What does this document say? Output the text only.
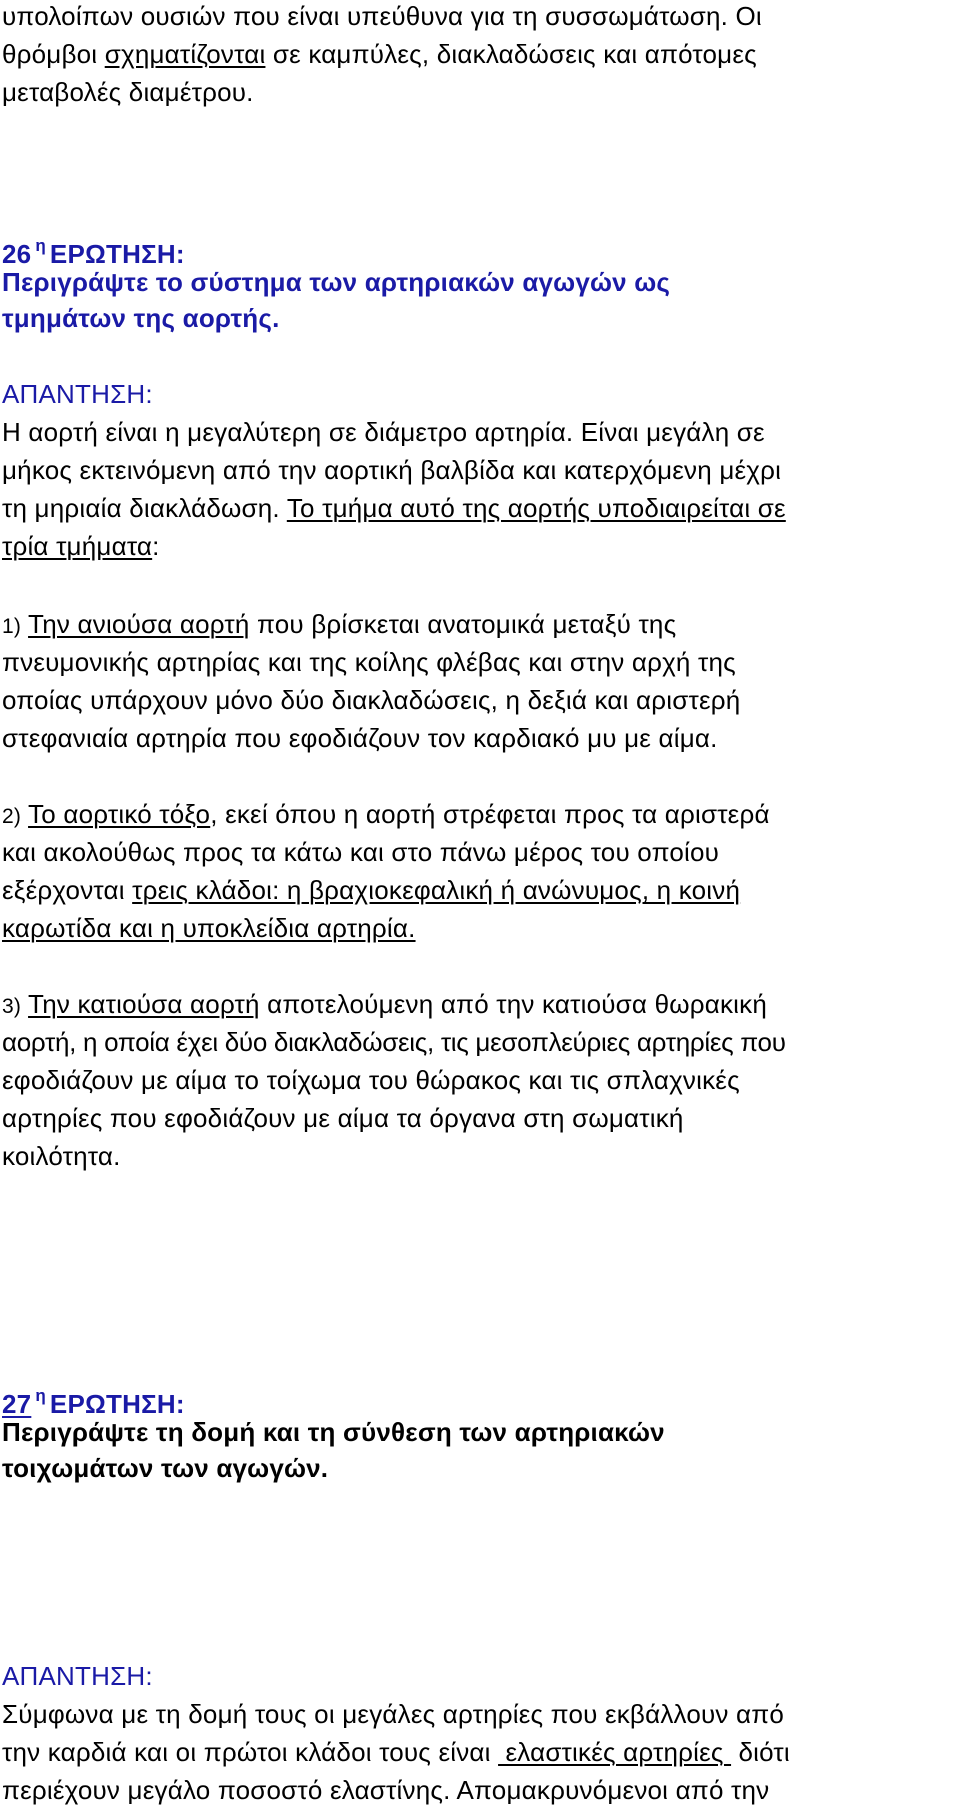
υπολοίπων ουσιών που είναι υπεύθυνα για τη συσσωμάτωση. Οι
θρόμβοι σχηματίζονται σε καμπύλες, διακλαδώσεις και απότομες
μεταβολές διαμέτρου.
26 $^\eta$ ΕΡΩΤΗΣΗ:
Περιγράψτε το σύστημα των αρτηριακών αγωγών ως
τμημάτων της αορτής.
ΑΠΑΝΤΗΣΗ:
Η αορτή είναι η μεγαλύτερη σε διάμετρο αρτηρία. Είναι μεγάλη σε
μήκος εκτεινόμενη από την αορτική βαλβίδα και κατερχόμενη μέχρι
τη μηριαία διακλάδωση. Το τμήμα αυτό της αορτής υποδιαιρείται σε
τρία τμήματα:
1) Την ανιούσα αορτή που βρίσκεται ανατομικά μεταξύ της
πνευμονικής αρτηρίας και της κοίλης φλέβας και στην αρχή της
οποίας υπάρχουν μόνο δύο διακλαδώσεις, η δεξιά και αριστερή
στεφανιαία αρτηρία που εφοδιάζουν τον καρδιακό μυ με αίμα.
2) Το αορτικό τόξο, εκεί όπου η αορτή στρέφεται προς τα αριστερά
και ακολούθως προς τα κάτω και στο πάνω μέρος του οποίου
εξέρχονται τρεις κλάδοι: η βραχιοκεφαλική ή ανώνυμος, η κοινή
καρωτίδα και η υποκλείδια αρτηρία.
3) Την κατιούσα αορτή αποτελούμενη από την κατιούσα θωρακική
αορτή, η οποία έχει δύο διακλαδώσεις, τις μεσοπλεύριες αρτηρίες που
εφοδιάζουν με αίμα το τοίχωμα του θώρακος και τις σπλαχνικές
αρτηρίες που εφοδιάζουν με αίμα τα όργανα στη σωματική
κοιλότητα.
27 $^\eta$ ΕΡΩΤΗΣΗ:
Περιγράψτε τη δομή και τη σύνθεση των αρτηριακών
τοιχωμάτων των αγωγών.
ΑΠΑΝΤΗΣΗ:
Σύμφωνα με τη δομή τους οι μεγάλες αρτηρίες που εκβάλλουν από
την καρδιά και οι πρώτοι κλάδοι τους είναι  ελαστικές αρτηρίες  διότι
περιέχουν μεγάλο ποσοστό ελαστίνης. Απομακρυνόμενοι από την
